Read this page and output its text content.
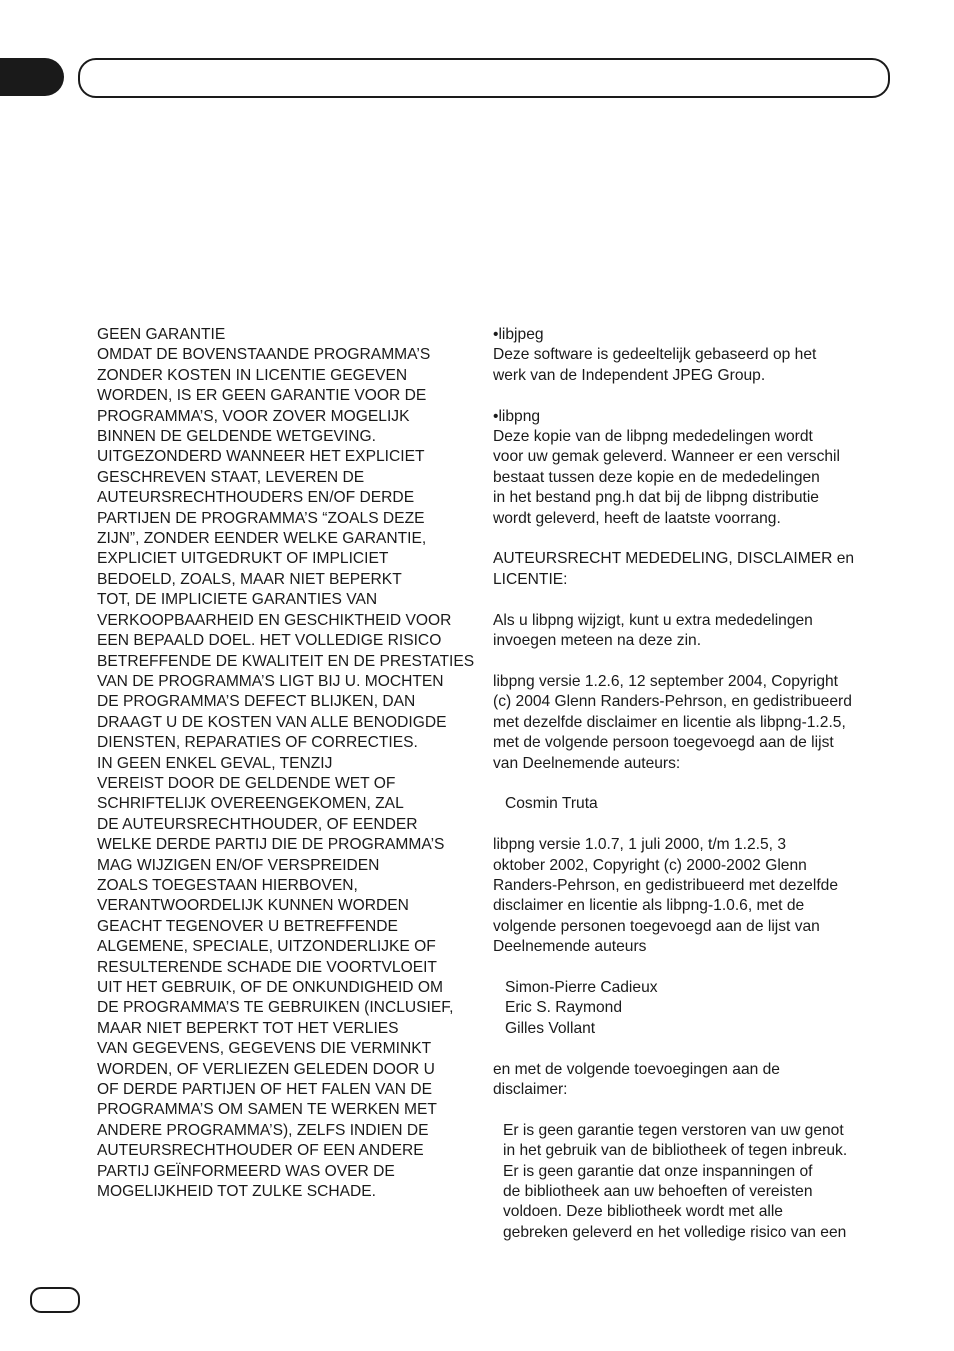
GEEN GARANTIE

OMDAT DE BOVENSTAANDE PROGRAMMA’S

ZONDER KOSTEN IN LICENTIE GEGEVEN

WORDEN, IS ER GEEN GARANTIE VOOR DE

PROGRAMMA’S, VOOR ZOVER MOGELIJK

BINNEN DE GELDENDE WETGEVING.

UITGEZONDERD WANNEER HET EXPLICIET

GESCHREVEN STAAT, LEVEREN DE

AUTEURSRECHTHOUDERS EN/OF DERDE

PARTIJEN DE PROGRAMMA’S “ZOALS DEZE

ZIJN”, ZONDER EENDER WELKE GARANTIE,

EXPLICIET UITGEDRUKT OF IMPLICIET

BEDOELD, ZOALS, MAAR NIET BEPERKT

TOT, DE IMPLICIETE GARANTIES VAN

VERKOOPBAARHEID EN GESCHIKTHEID VOOR

EEN BEPAALD DOEL. HET VOLLEDIGE RISICO

BETREFFENDE DE KWALITEIT EN DE PRESTATIES

VAN DE PROGRAMMA’S LIGT BIJ U. MOCHTEN

DE PROGRAMMA’S DEFECT BLIJKEN, DAN

DRAAGT U DE KOSTEN VAN ALLE BENODIGDE

DIENSTEN, REPARATIES OF CORRECTIES.

IN GEEN ENKEL GEVAL, TENZIJ

VEREIST DOOR DE GELDENDE WET OF

SCHRIFTELIJK OVEREENGEKOMEN, ZAL

DE AUTEURSRECHTHOUDER, OF EENDER

WELKE DERDE PARTIJ DIE DE PROGRAMMA’S

MAG WIJZIGEN EN/OF VERSPREIDEN

ZOALS TOEGESTAAN HIERBOVEN,

VERANTWOORDELIJK KUNNEN WORDEN

GEACHT TEGENOVER U BETREFFENDE

ALGEMENE, SPECIALE, UITZONDERLIJKE OF

RESULTERENDE SCHADE DIE VOORTVLOEIT

UIT HET GEBRUIK, OF DE ONKUNDIGHEID OM

DE PROGRAMMA’S TE GEBRUIKEN (INCLUSIEF,

MAAR NIET BEPERKT TOT HET VERLIES

VAN GEGEVENS, GEGEVENS DIE VERMINKT

WORDEN, OF VERLIEZEN GELEDEN DOOR U

OF DERDE PARTIJEN OF HET FALEN VAN DE

PROGRAMMA’S OM SAMEN TE WERKEN MET

ANDERE PROGRAMMA’S), ZELFS INDIEN DE

AUTEURSRECHTHOUDER OF EEN ANDERE

PARTIJ GEÏNFORMEERD WAS OVER DE

MOGELIJKHEID TOT ZULKE SCHADE.

•libjpeg

Deze software is gedeeltelijk gebaseerd op het

werk van de Independent JPEG Group.

•libpng

Deze kopie van de libpng mededelingen wordt

voor uw gemak geleverd. Wanneer er een verschil

bestaat tussen deze kopie en de mededelingen

in het bestand png.h dat bij de libpng distributie

wordt geleverd, heeft de laatste voorrang.

AUTEURSRECHT MEDEDELING, DISCLAIMER en

LICENTIE:

Als u libpng wijzigt, kunt u extra mededelingen

invoegen meteen na deze zin.

libpng versie 1.2.6, 12 september 2004, Copyright

(c) 2004 Glenn Randers-Pehrson, en gedistribueerd

met dezelfde disclaimer en licentie als libpng-1.2.5,

met de volgende persoon toegevoegd aan de lijst

van Deelnemende auteurs:

Cosmin Truta

libpng versie 1.0.7, 1 juli 2000, t/m 1.2.5, 3

oktober 2002, Copyright (c) 2000-2002 Glenn

Randers-Pehrson, en gedistribueerd met dezelfde

disclaimer en licentie als libpng-1.0.6, met de

volgende personen toegevoegd aan de lijst van

Deelnemende auteurs

Simon-Pierre Cadieux

Eric S. Raymond

Gilles Vollant

en met de volgende toevoegingen aan de

disclaimer:

Er is geen garantie tegen verstoren van uw genot

in het gebruik van de bibliotheek of tegen inbreuk.

Er is geen garantie dat onze inspanningen of

de bibliotheek aan uw behoeften of vereisten

voldoen. Deze bibliotheek wordt met alle

gebreken geleverd en het volledige risico van een
